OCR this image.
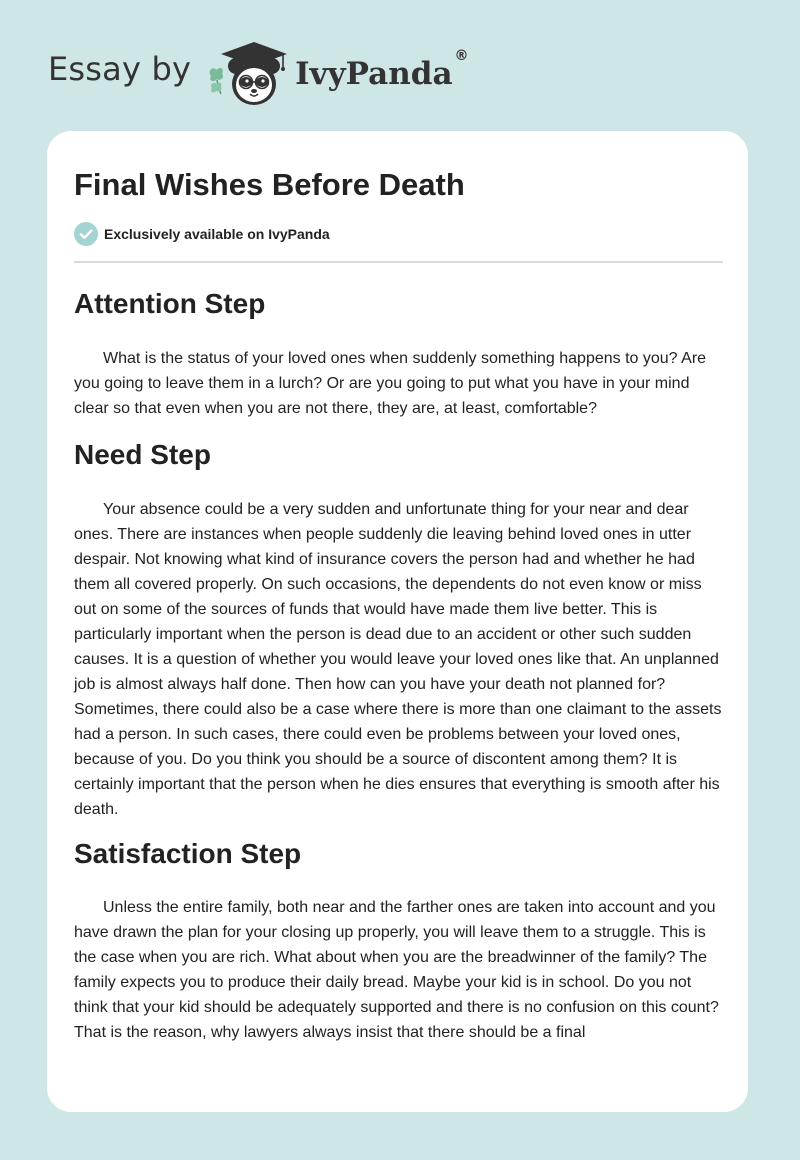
Essay by	IvyPanda ®
Final Wishes Before Death
Exclusively available on IvyPanda
Attention Step

What is the status of your loved ones when suddenly something happens to you? Are you going to leave them in a lurch? Or are you going to put what you have in your mind clear so that even when you are not there, they are, at least, comfortable?

Need Step

Your absence could be a very sudden and unfortunate thing for your near and dear ones. There are instances when people suddenly die leaving behind loved ones in utter despair. Not knowing what kind of insurance covers the person had and whether he had them all covered properly. On such occasions, the dependents do not even know or miss out on some of the sources of funds that would have made them live better. This is particularly important when the person is dead due to an accident or other such sudden causes. It is a question of whether you would leave your loved ones like that. An unplanned job is almost always half done. Then how can you have your death not planned for? Sometimes, there could also be a case where there is more than one claimant to the assets had a person. In such cases, there could even be problems between your loved ones, because of you. Do you think you should be a source of discontent among them? It is certainly important that the person when he dies ensures that everything is smooth after his death.

Satisfaction Step

Unless the entire family, both near and the farther ones are taken into account and you have drawn the plan for your closing up properly, you will leave them to a struggle. This is the case when you are rich. What about when you are the breadwinner of the family? The family expects you to produce their daily bread. Maybe your kid is in school. Do you not think that your kid should be adequately supported and there is no confusion on this count? That is the reason, why lawyers always insist that there should be a final
